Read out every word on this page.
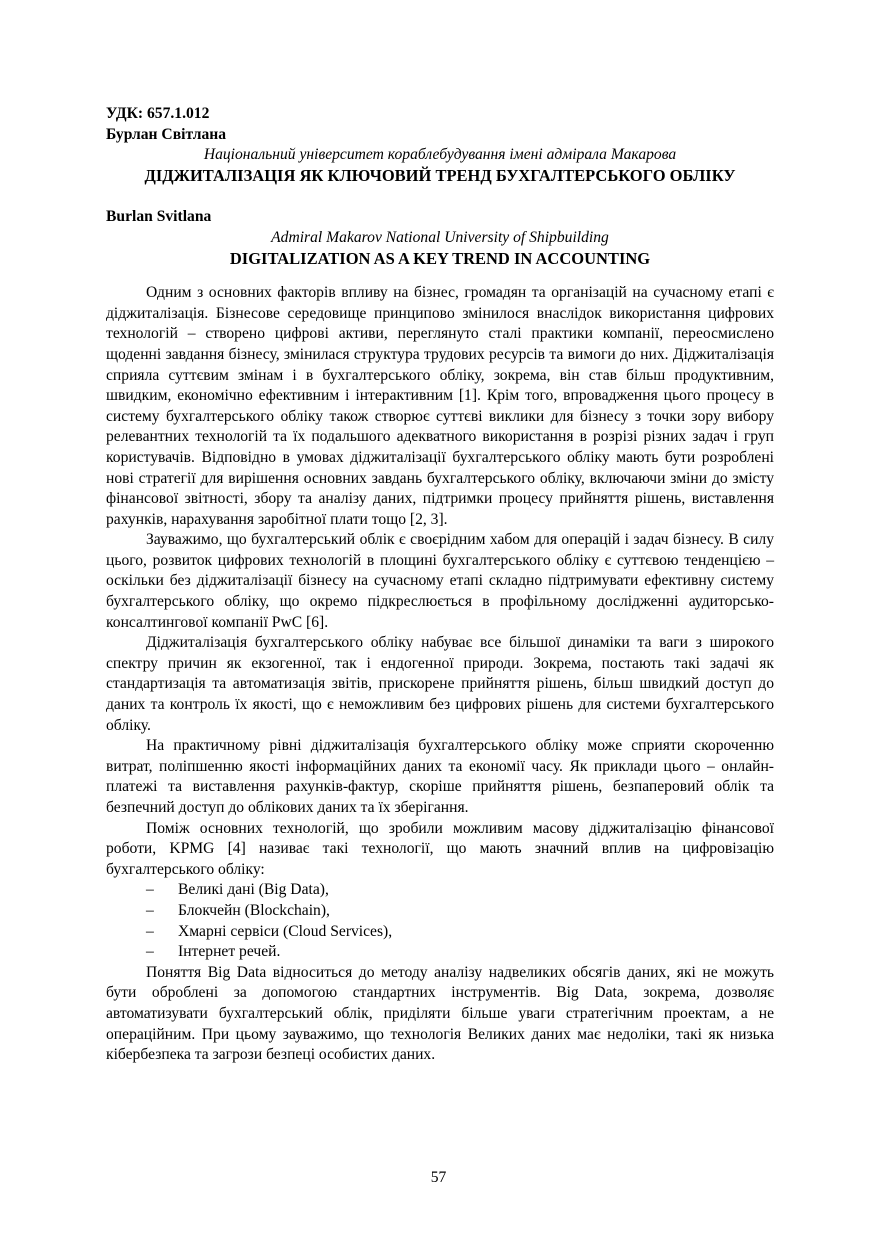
УДК: 657.1.012
Бурлан Світлана
Національний університет кораблебудування імені адмірала Макарова
ДІДЖИТАЛІЗАЦІЯ ЯК КЛЮЧОВИЙ ТРЕНД БУХГАЛТЕРСЬКОГО ОБЛІКУ
Burlan Svitlana
Admiral Makarov National University of Shipbuilding
DIGITALIZATION AS A KEY TREND IN ACCOUNTING

Одним з основних факторів впливу на бізнес, громадян та організацій на сучасному етапі є діджиталізація. Бізнесове середовище принципово змінилося внаслідок використання цифрових технологій – створено цифрові активи, переглянуто сталі практики компанії, переосмислено щоденні завдання бізнесу, змінилася структура трудових ресурсів та вимоги до них. Діджиталізація сприяла суттєвим змінам і в бухгалтерського обліку, зокрема, він став більш продуктивним, швидким, економічно ефективним і інтерактивним [1]. Крім того, впровадження цього процесу в систему бухгалтерського обліку також створює суттєві виклики для бізнесу з точки зору вибору релевантних технологій та їх подальшого адекватного використання в розрізі різних задач і груп користувачів. Відповідно в умовах діджиталізації бухгалтерського обліку мають бути розроблені нові стратегії для вирішення основних завдань бухгалтерського обліку, включаючи зміни до змісту фінансової звітності, збору та аналізу даних, підтримки процесу прийняття рішень, виставлення рахунків, нарахування заробітної плати тощо [2, 3].

Зауважимо, що бухгалтерський облік є своєрідним хабом для операцій і задач бізнесу. В силу цього, розвиток цифрових технологій в площині бухгалтерського обліку є суттєвою тенденцією – оскільки без діджиталізації бізнесу на сучасному етапі складно підтримувати ефективну систему бухгалтерського обліку, що окремо підкреслюється в профільному дослідженні аудиторсько-консалтингової компанії PwC [6].

Діджиталізація бухгалтерського обліку набуває все більшої динаміки та ваги з широкого спектру причин як екзогенної, так і ендогенної природи. Зокрема, постають такі задачі як стандартизація та автоматизація звітів, прискорене прийняття рішень, більш швидкий доступ до даних та контроль їх якості, що є неможливим без цифрових рішень для системи бухгалтерського обліку.

На практичному рівні діджиталізація бухгалтерського обліку може сприяти скороченню витрат, поліпшенню якості інформаційних даних та економії часу. Як приклади цього – онлайн-платежі та виставлення рахунків-фактур, скоріше прийняття рішень, безпаперовий облік та безпечний доступ до облікових даних та їх зберігання.

Поміж основних технологій, що зробили можливим масову діджиталізацію фінансової роботи, KPMG [4] називає такі технології, що мають значний вплив на цифровізацію бухгалтерського обліку:

– Великі дані (Big Data),
– Блокчейн (Blockchain),
– Хмарні сервіси (Cloud Services),
– Інтернет речей.

Поняття Big Data відноситься до методу аналізу надвеликих обсягів даних, які не можуть бути оброблені за допомогою стандартних інструментів. Big Data, зокрема, дозволяє автоматизувати бухгалтерський облік, приділяти більше уваги стратегічним проектам, а не операційним. При цьому зауважимо, що технологія Великих даних має недоліки, такі як низька кібербезпека та загрози безпеці особистих даних.

57
